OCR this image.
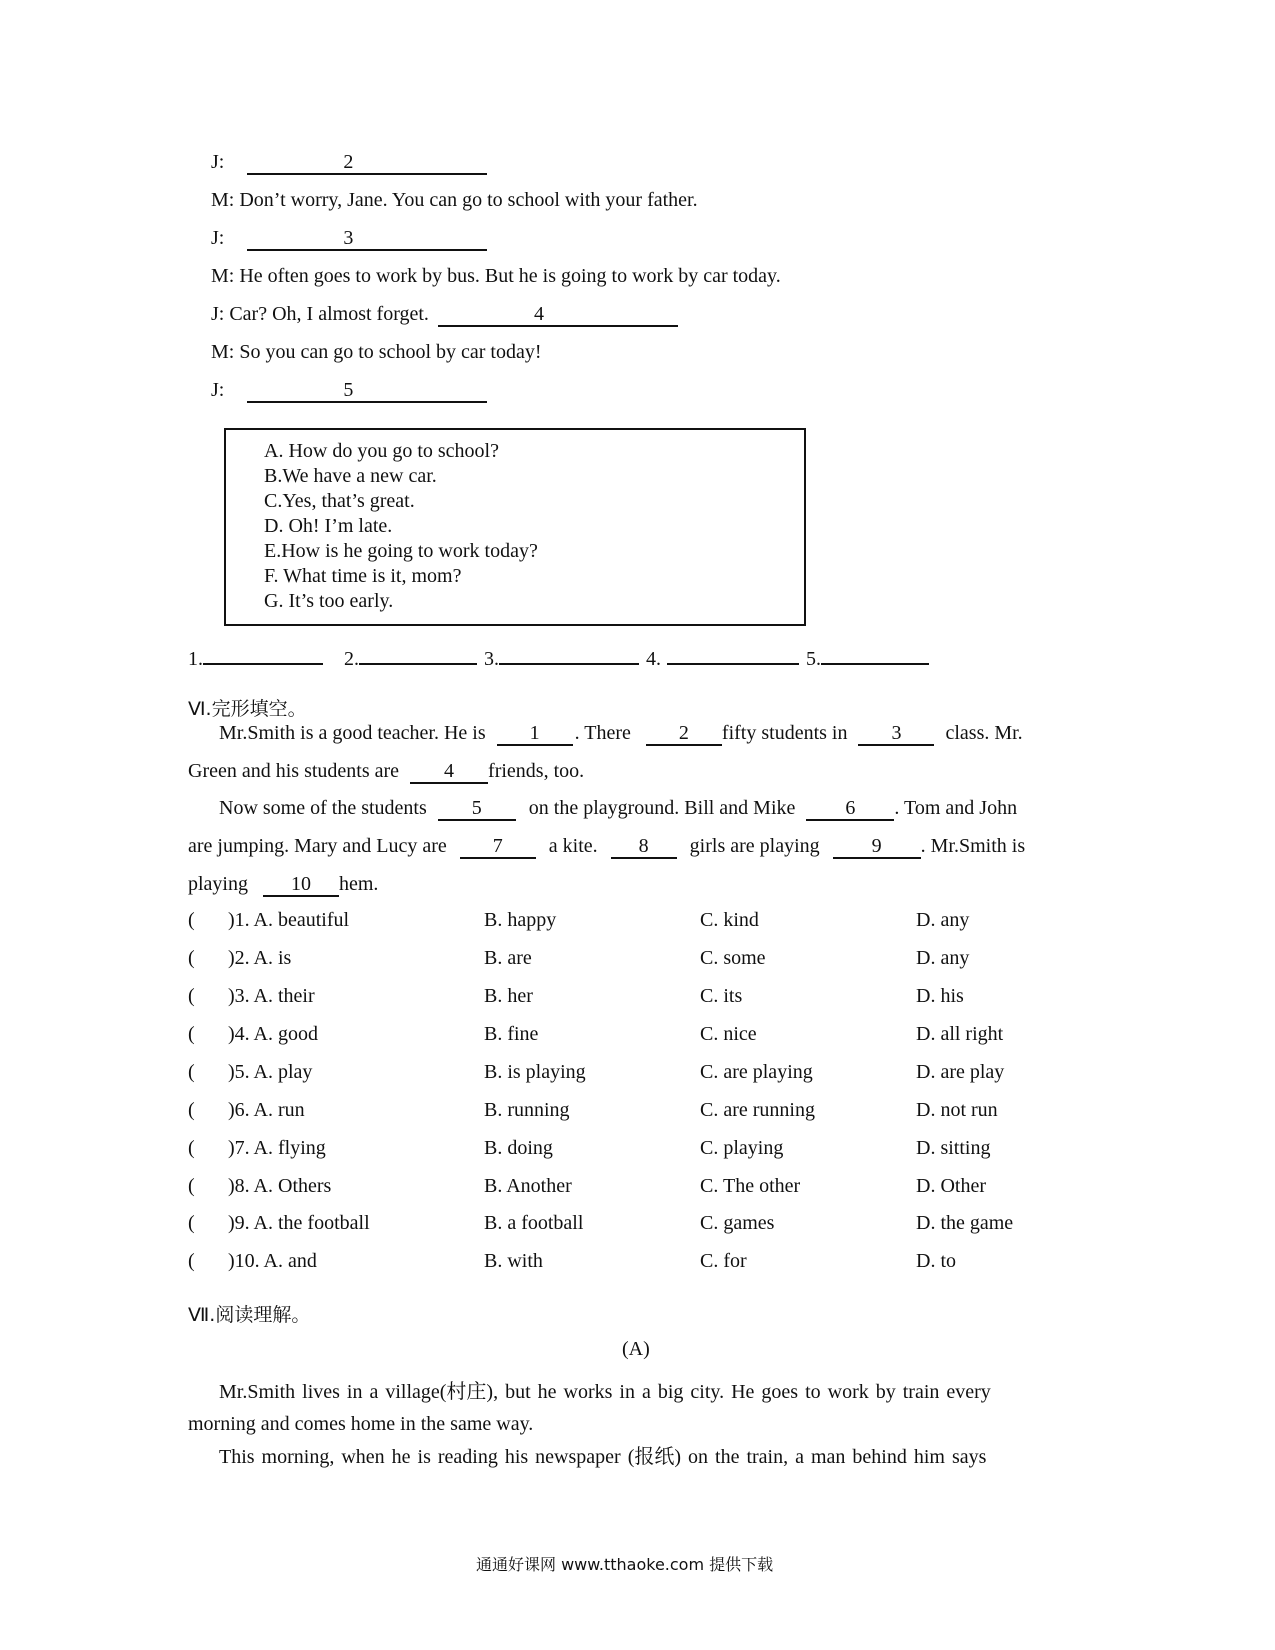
J:	2
M: Don’t worry, Jane. You can go to school with your father.
J:	3
M: He often goes to work by bus. But he is going to work by car today.
J: Car? Oh, I almost forget.	4
M: So you can go to school by car today!
J:	5
A. How do you go to school?
B.We have a new car.
C.Yes, that’s great.
D. Oh! I’m late.
E.How is he going to work today?
F. What time is it, mom?
G. It’s too early.
1.	2.	3.	4.	5.
Ⅵ.完形填空。
Mr.Smith is a good teacher. He is 1 . There 2 fifty students in 3 class. Mr.
Green and his students are 4 friends, too.
Now some of the students 5 on the playground. Bill and Mike	6 . Tom and John
are jumping. Mary and Lucy are 7 a kite. 8 girls are playing	9 . Mr.Smith is
playing 10 hem.
( )1. A. beautiful	B. happy	C. kind	D. any
( )2. A. is	B. are	C. some	D. any
( )3. A. their	B. her	C. its	D. his
( )4. A. good	B. fine	C. nice	D. all right
( )5. A. play	B. is playing	C. are playing	D. are play
( )6. A. run	B. running	C. are running	D. not run
( )7. A. flying	B. doing	C. playing	D. sitting
( )8. A. Others	B. Another	C. The other	D. Other
( )9. A. the football	B. a football	C. games	D. the game
( )10. A. and	B. with	C. for	D. to
Ⅶ.阅读理解。
(A)
Mr.Smith lives in a village(村庄), but he works in a big city. He goes to work by train every
morning and comes home in the same way.
This morning, when he is reading his newspaper (报纸) on the train, a man behind him says
通通好课网 www.tthaoke.com 提供下载
